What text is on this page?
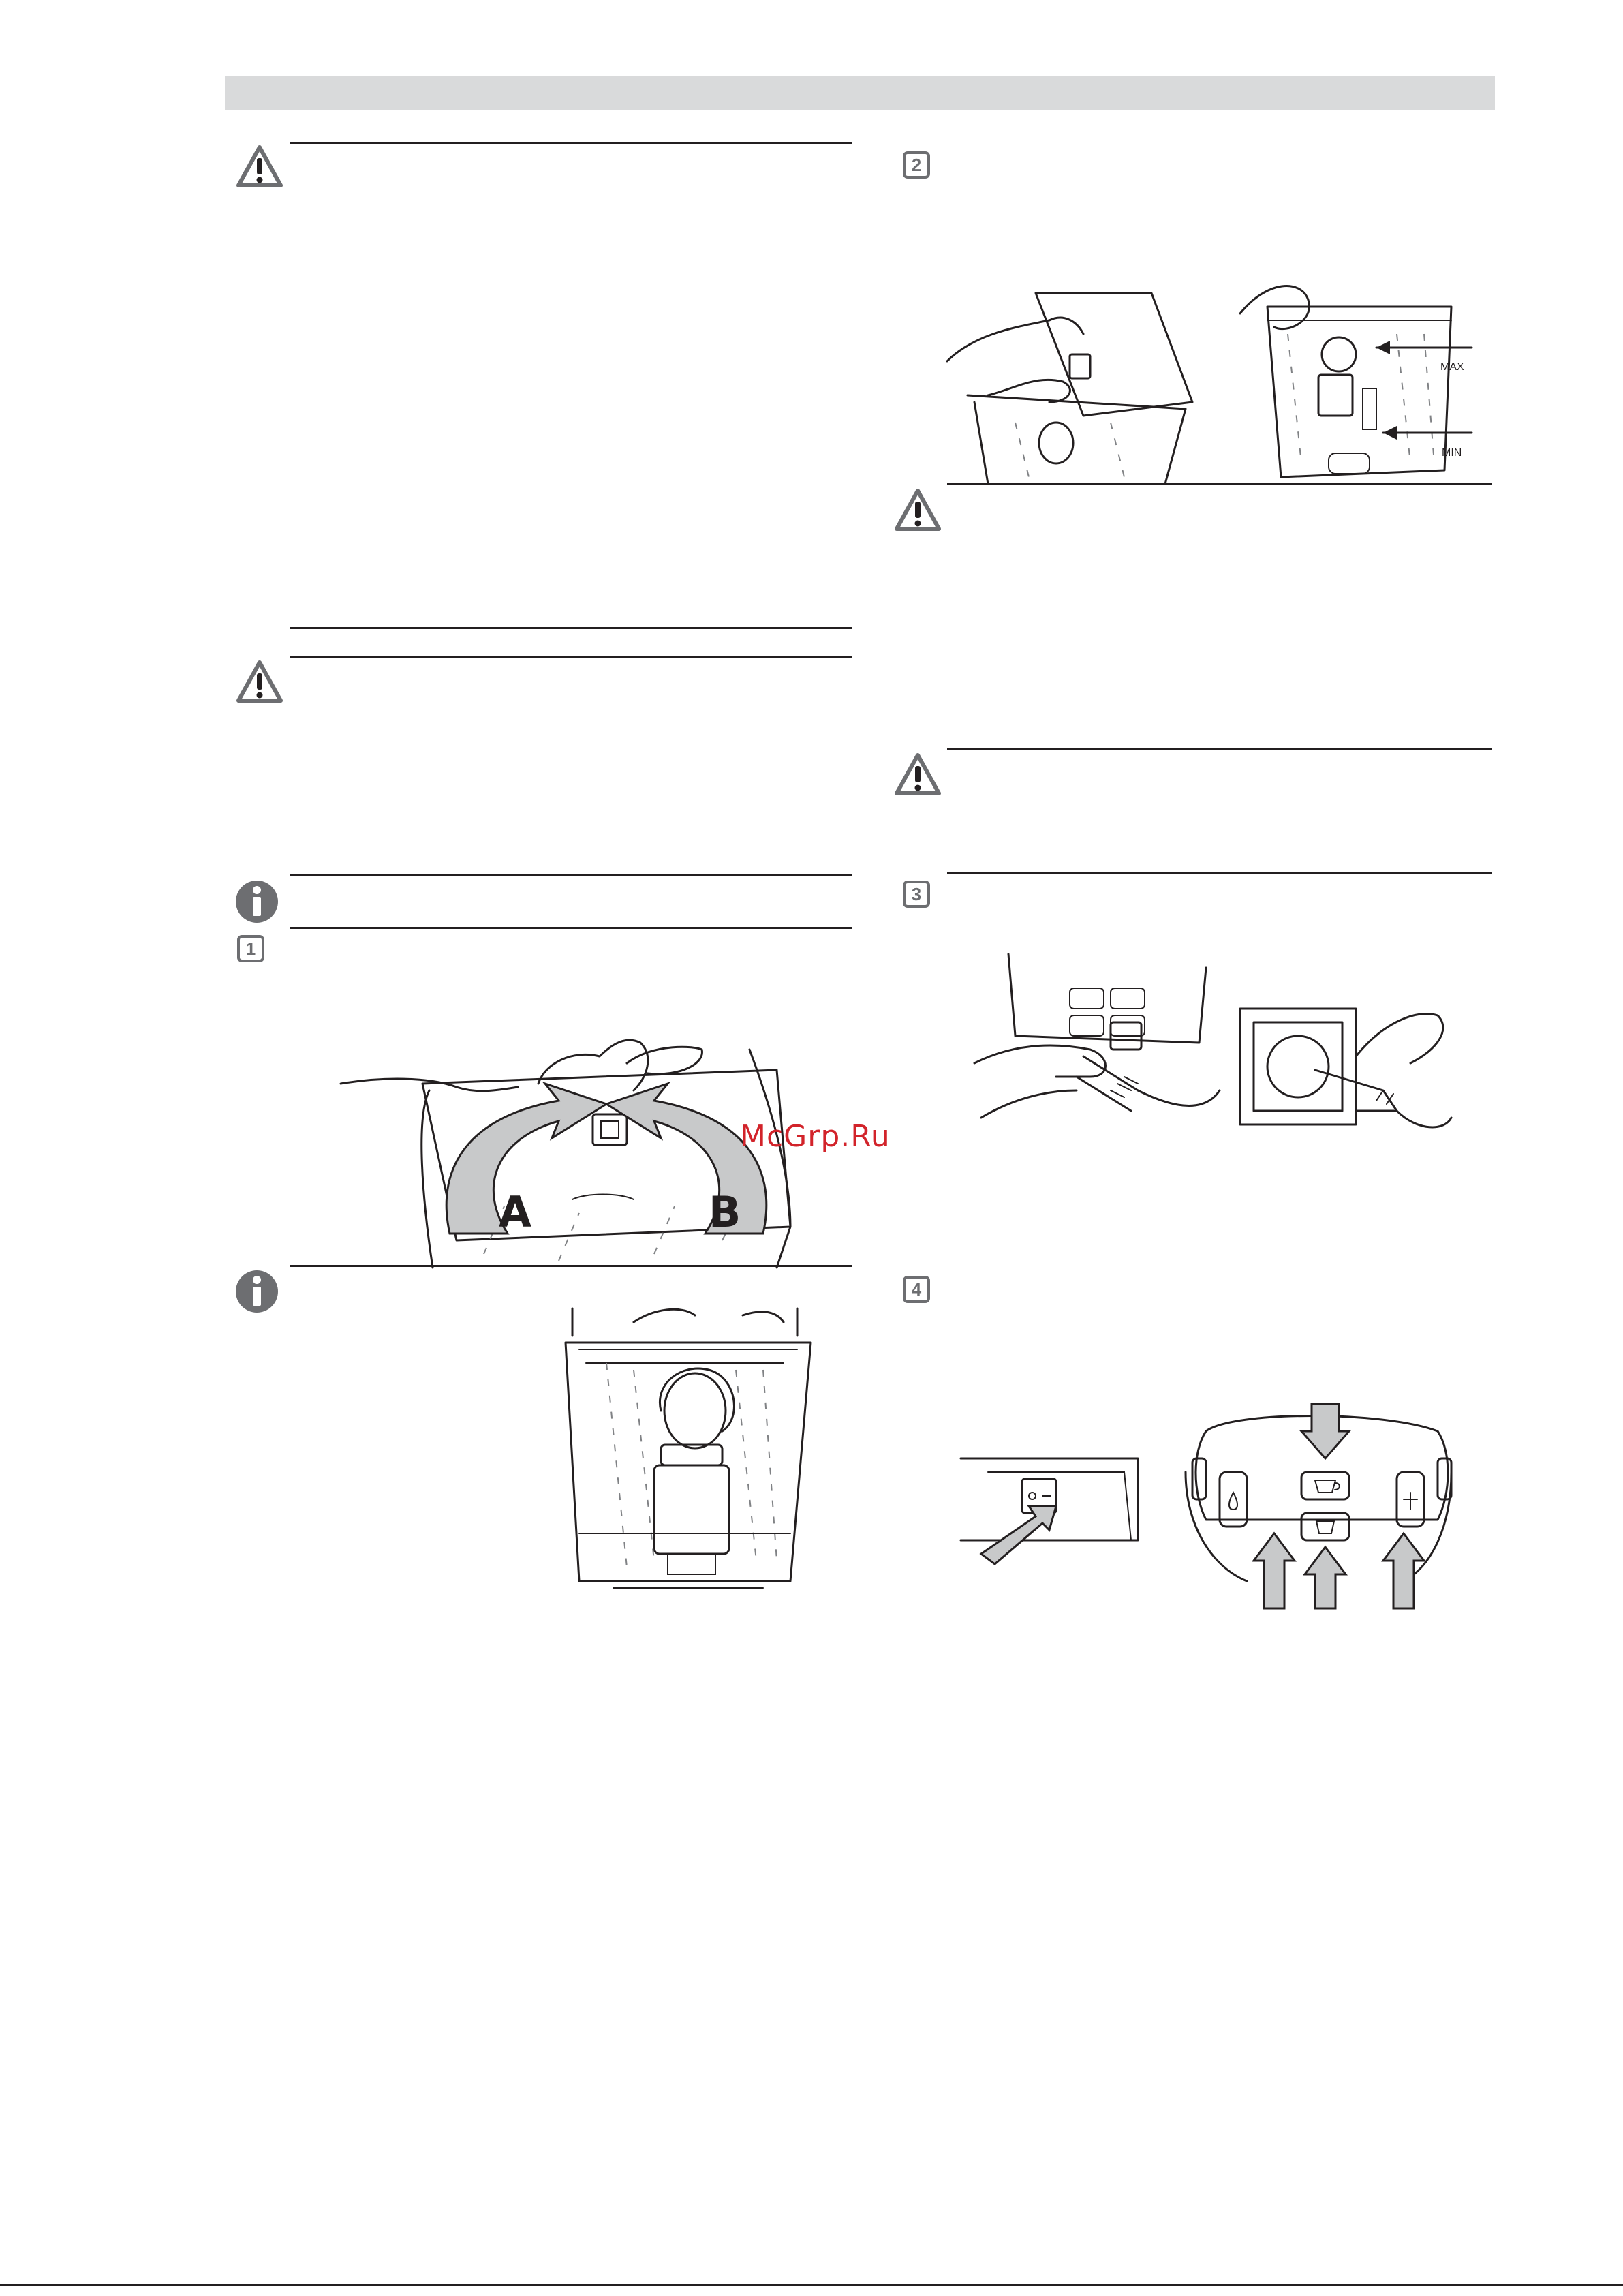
1
A	B
McGrp.Ru
2
MAX
MIN
3
4
